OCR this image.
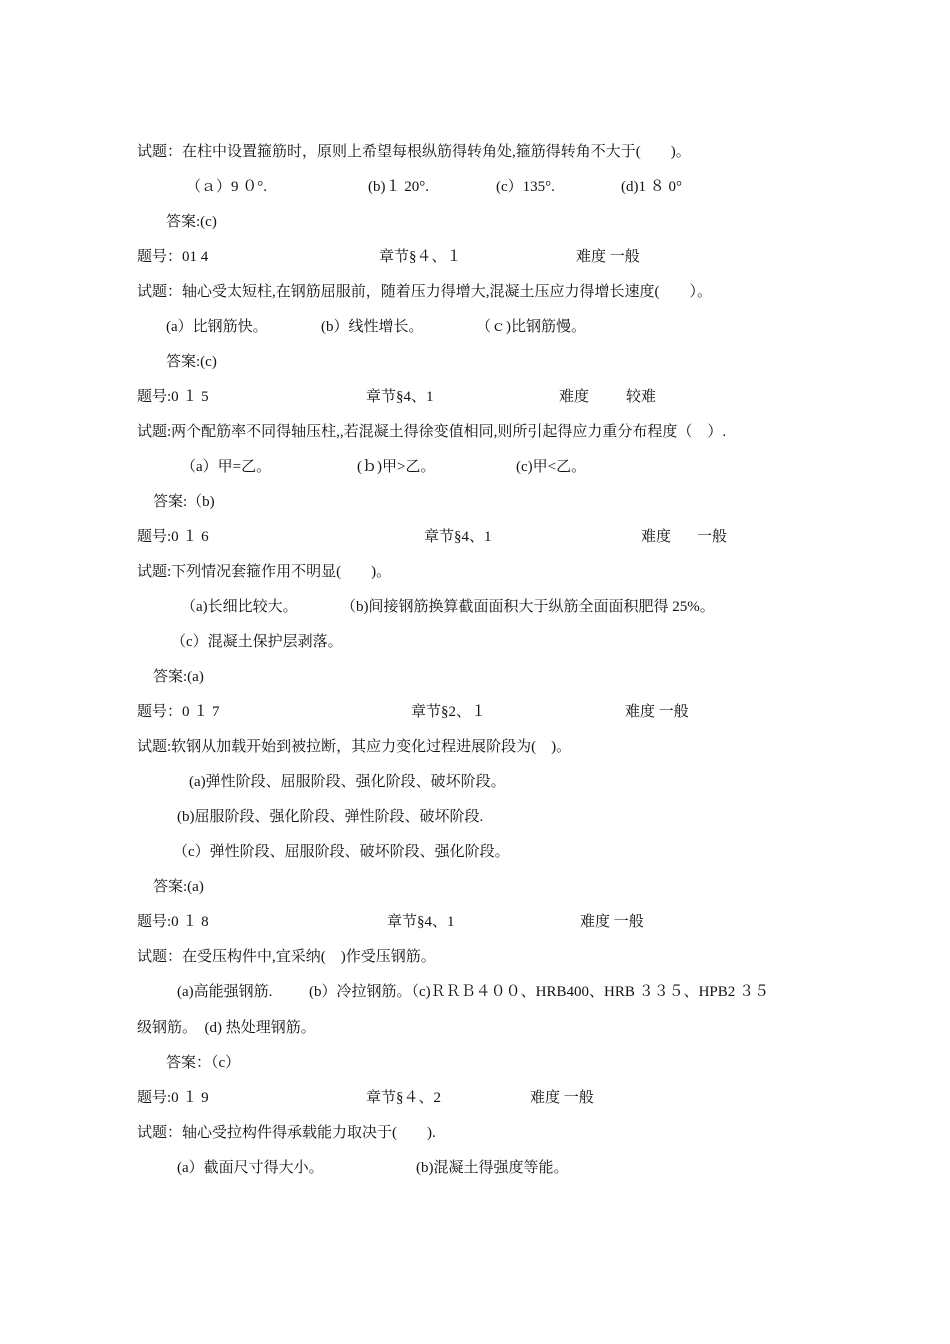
试题：在柱中设置箍筋时，原则上希望每根纵筋得转角处,箍筋得转角不大于(　　)。
（ａ）9 ０°.	(b)１ 20°.	(c）135°.	(d)1 ８ 0°
答案:(c)
题号：01 4	章节§４、１	难度 一般
试题：轴心受太短柱,在钢筋屈服前，随着压力得增大,混凝土压应力得增长速度(　　）。
(a）比钢筋快。	(b）线性增长。	（ｃ)比钢筋慢。
答案:(c)
题号:0 １ 5	章节§4、1	难度 较难
试题:两个配筋率不同得轴压柱,,若混凝土得徐变值相同,则所引起得应力重分布程度（　）.
（a）甲=乙。	(ｂ)甲>乙。	(c)甲<乙。
答案:（b)
题号:0 １ 6	章节§4、1	难度 一般
试题:下列情况套箍作用不明显(　　)。
（a)长细比较大。	（b)间接钢筋换算截面面积大于纵筋全面面积肥得 25%。
（c）混凝土保护层剥落。
答案:(a)
题号：0 １ 7	章节§2、１	难度 一般
试题:软钢从加载开始到被拉断，其应力变化过程进展阶段为(　)。
(a)弹性阶段、屈服阶段、强化阶段、破坏阶段。
(b)屈服阶段、强化阶段、弹性阶段、破坏阶段.
（c）弹性阶段、屈服阶段、破坏阶段、强化阶段。
答案:(a)
题号:0 １ 8	章节§4、1	难度 一般
试题：在受压构件中,宜采纳(　)作受压钢筋。
(a)高能强钢筋. (b）冷拉钢筋。（c)ＲＲＢ４００、HRB400、HRB ３３５、HPB2 ３５
级钢筋。　(d) 热处理钢筋。
答案：（c）
题号:0 １ 9	章节§４、2	难度 一般
试题：轴心受拉构件得承载能力取决于(　　).
(a）截面尺寸得大小。	(b)混凝土得强度等能。
